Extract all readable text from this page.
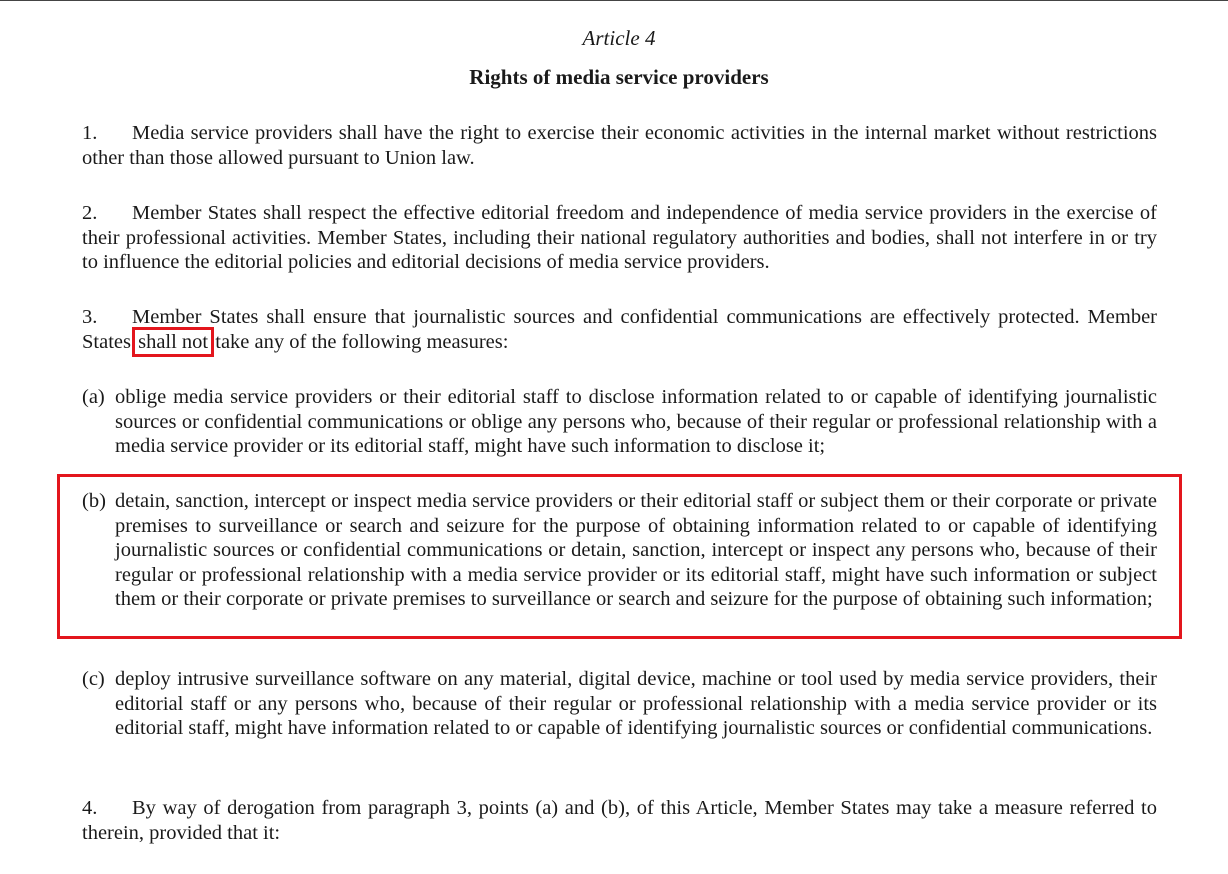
Article 4
Rights of media service providers
1. Media service providers shall have the right to exercise their economic activities in the internal market without restrictions other than those allowed pursuant to Union law.
2. Member States shall respect the effective editorial freedom and independence of media service providers in the exercise of their professional activities. Member States, including their national regulatory authorities and bodies, shall not interfere in or try to influence the editorial policies and editorial decisions of media service providers.
3. Member States shall ensure that journalistic sources and confidential communications are effectively protected. Member States shall not take any of the following measures:
(a) oblige media service providers or their editorial staff to disclose information related to or capable of identifying journalistic sources or confidential communications or oblige any persons who, because of their regular or professional relationship with a media service provider or its editorial staff, might have such information to disclose it;
(b) detain, sanction, intercept or inspect media service providers or their editorial staff or subject them or their corporate or private premises to surveillance or search and seizure for the purpose of obtaining information related to or capable of identifying journalistic sources or confidential communications or detain, sanction, intercept or inspect any persons who, because of their regular or professional relationship with a media service provider or its editorial staff, might have such information or subject them or their corporate or private premises to surveillance or search and seizure for the purpose of obtaining such information;
(c) deploy intrusive surveillance software on any material, digital device, machine or tool used by media service providers, their editorial staff or any persons who, because of their regular or professional relationship with a media service provider or its editorial staff, might have information related to or capable of identifying journalistic sources or confidential communications.
4. By way of derogation from paragraph 3, points (a) and (b), of this Article, Member States may take a measure referred to therein, provided that it:
